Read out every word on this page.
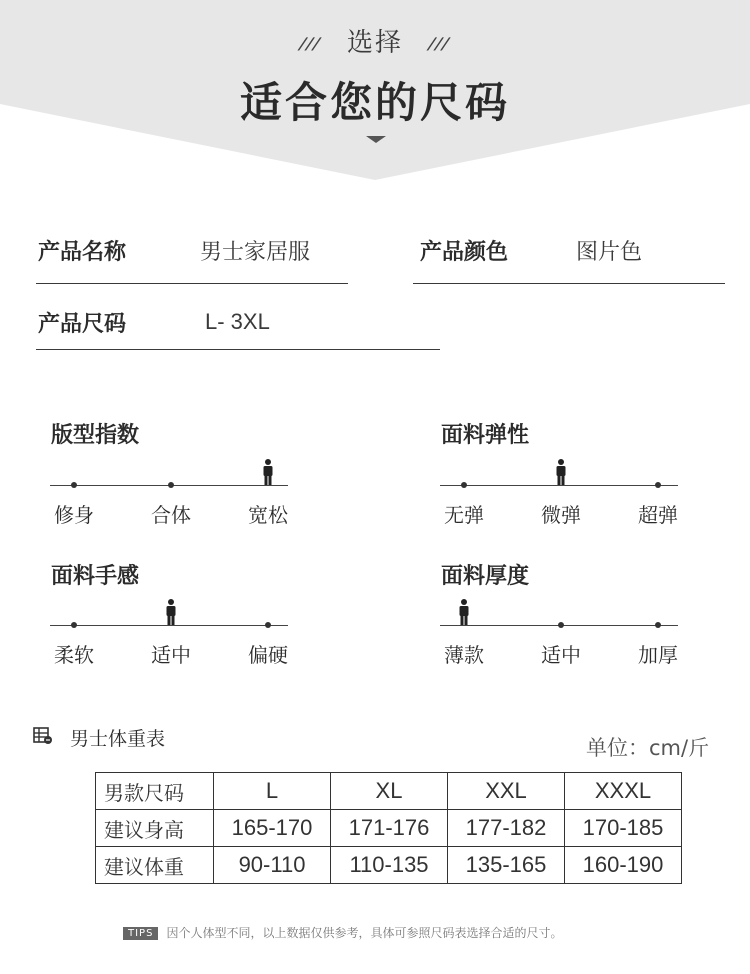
/// 选择 ///
适合您的尺码
产品名称	男士家居服	产品颜色	图片色
产品尺码	L- 3XL
版型指数
修身	合体	宽松
面料弹性
无弹	微弹	超弹
面料手感
柔软	适中	偏硬
面料厚度
薄款	适中	加厚
男士体重表	单位：cm/斤
男款尺码	L	XL	XXL	XXXL
建议身高	165-170	171-176	177-182	170-185
建议体重	90-110	110-135	135-165	160-190
TIPS 因个人体型不同，以上数据仅供参考，具体可参照尺码表选择合适的尺寸。
